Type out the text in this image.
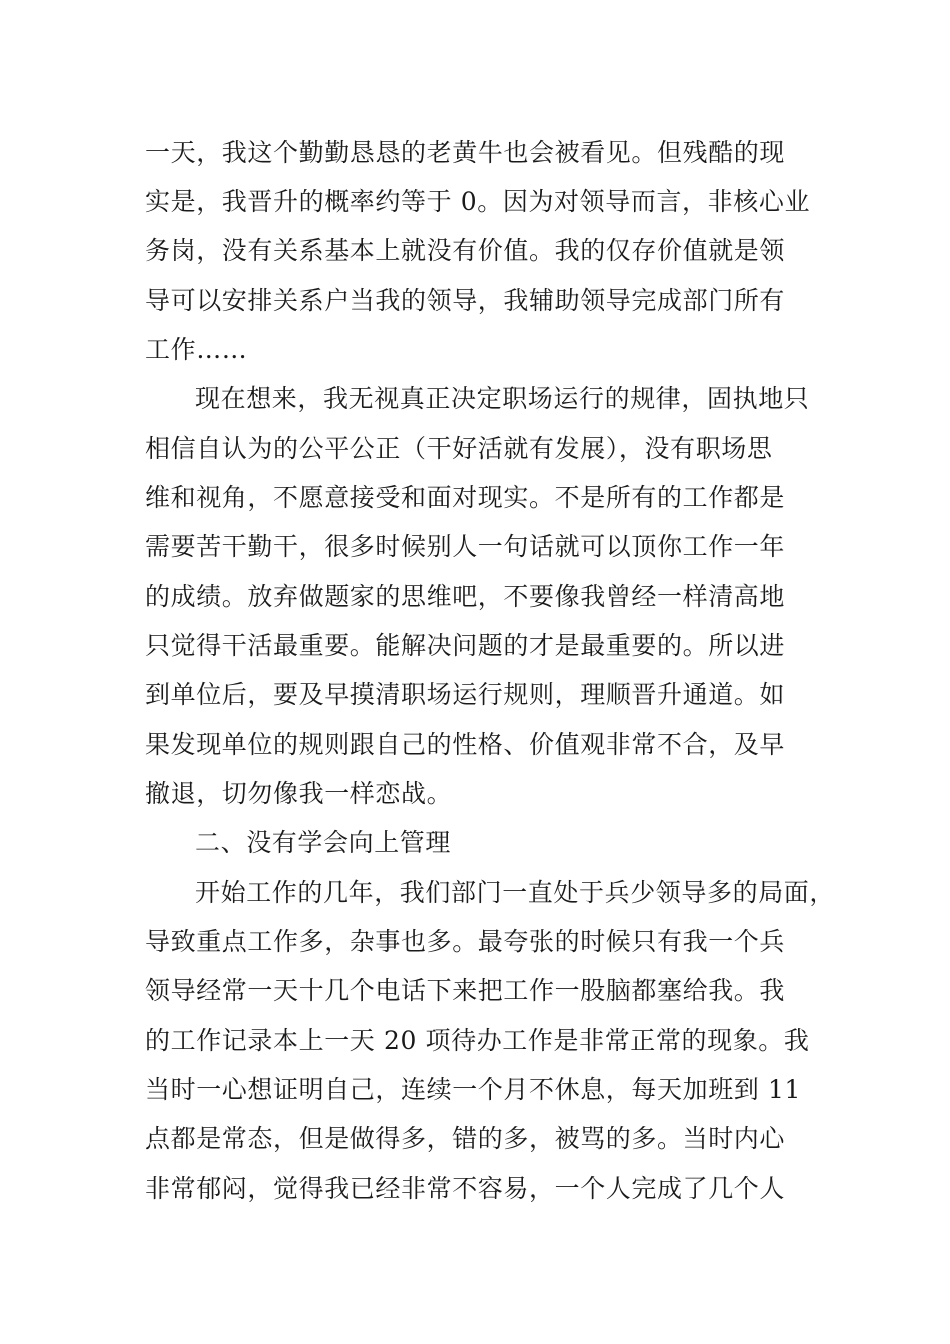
一天，我这个勤勤恳恳的老黄牛也会被看见。但残酷的现
实是，我晋升的概率约等于 0。因为对领导而言，非核心业
务岗，没有关系基本上就没有价值。我的仅存价值就是领
导可以安排关系户当我的领导，我辅助领导完成部门所有
工作……
现在想来，我无视真正决定职场运行的规律，固执地只
相信自认为的公平公正（干好活就有发展），没有职场思
维和视角，不愿意接受和面对现实。不是所有的工作都是
需要苦干勤干，很多时候别人一句话就可以顶你工作一年
的成绩。放弃做题家的思维吧，不要像我曾经一样清高地
只觉得干活最重要。能解决问题的才是最重要的。所以进
到单位后，要及早摸清职场运行规则，理顺晋升通道。如
果发现单位的规则跟自己的性格、价值观非常不合，及早
撤退，切勿像我一样恋战。
二、没有学会向上管理
开始工作的几年，我们部门一直处于兵少领导多的局面，
导致重点工作多，杂事也多。最夸张的时候只有我一个兵
领导经常一天十几个电话下来把工作一股脑都塞给我。我
的工作记录本上一天 20 项待办工作是非常正常的现象。我
当时一心想证明自己，连续一个月不休息，每天加班到 11
点都是常态，但是做得多，错的多，被骂的多。当时内心
非常郁闷，觉得我已经非常不容易，一个人完成了几个人
